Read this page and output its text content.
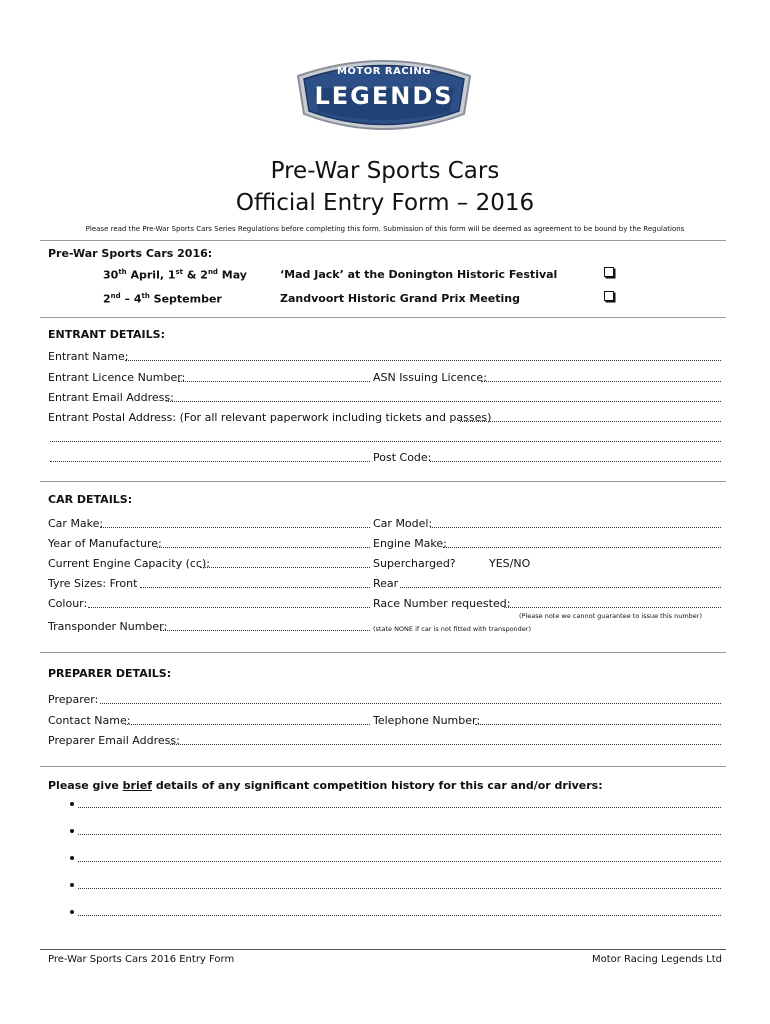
MOTOR RACING
LEGENDS
Pre-War Sports Cars
Official Entry Form – 2016
Please read the Pre-War Sports Cars Series Regulations before completing this form. Submission of this form will be deemed as agreement to be bound by the Regulations
Pre-War Sports Cars 2016:
30th April, 1st & 2nd May	‘Mad Jack’ at the Donington Historic Festival
2nd – 4th September	Zandvoort Historic Grand Prix Meeting
ENTRANT DETAILS:
Entrant Name:
Entrant Licence Number:	ASN Issuing Licence:
Entrant Email Address:
Entrant Postal Address: (For all relevant paperwork including tickets and passes)
Post Code:
CAR DETAILS:
Car Make:	Car Model:
Year of Manufacture:	Engine Make:
Current Engine Capacity (cc):	Supercharged?	YES/NO
Tyre Sizes: Front	Rear
Colour:	Race Number requested:
(Please note we cannot guarantee to issue this number)
Transponder Number:	(state NONE if car is not fitted with transponder)
PREPARER DETAILS:
Preparer:
Contact Name:	Telephone Number:
Preparer Email Address:
Please give brief details of any significant competition history for this car and/or drivers:
Pre-War Sports Cars 2016 Entry Form	Motor Racing Legends Ltd
